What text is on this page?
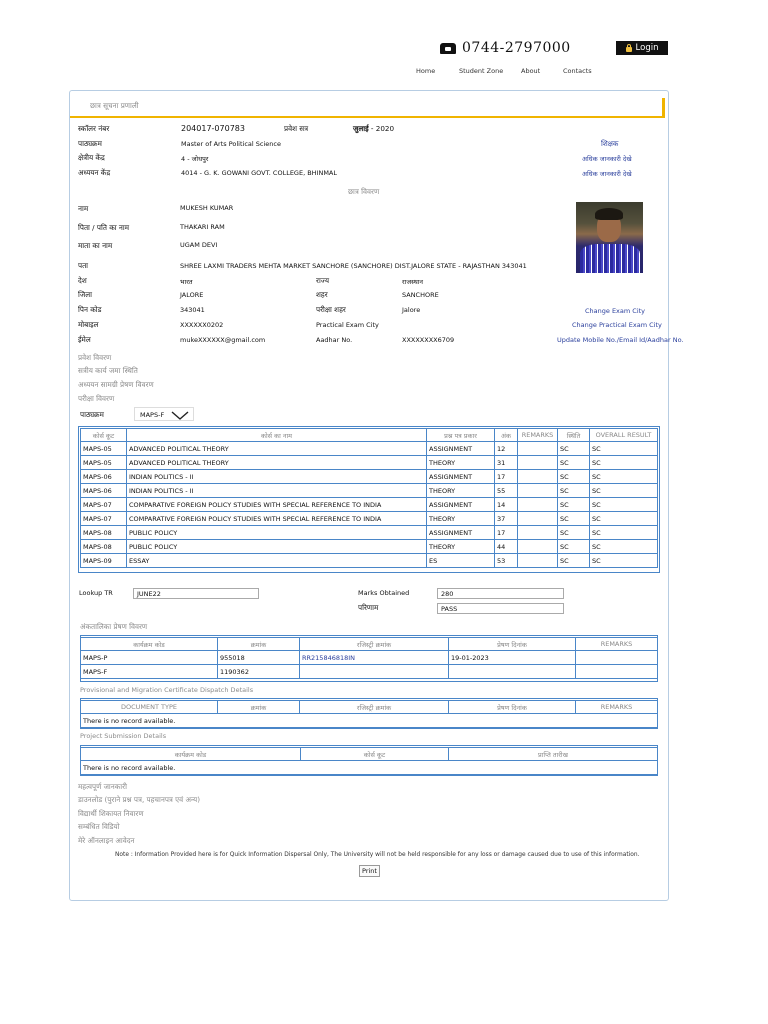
0744-2797000	Login
Home	Student Zone	About	Contacts
छात्र सूचना प्रणाली
स्कॉलर नंबर	204017-070783	प्रवेश सत्र	जुलाई - 2020
पाठ्यक्रम	Master of Arts Political Science	शिक्षक
क्षेत्रीय केंद्र	4 - जोधपुर	अधिक जानकारी देखे
अध्ययन केंद्र	4014 - G. K. GOWANI GOVT. COLLEGE, BHINMAL	अधिक जानकारी देखे
छात्र विवरण
नाम	MUKESH KUMAR
पिता / पति का नाम	THAKARI RAM
माता का नाम	UGAM DEVI
पता	SHREE LAXMI TRADERS MEHTA MARKET SANCHORE (SANCHORE) DIST.JALORE STATE - RAJASTHAN 343041
देश	भारत	राज्य	राजस्थान
जिला	JALORE	शहर	SANCHORE
पिन कोड	343041	परीक्षा शहर	Jalore	Change Exam City
मोबाइल	XXXXXX0202	Practical Exam City	Change Practical Exam City
ईमेल	mukeXXXXXX@gmail.com	Aadhar No.	XXXXXXXX6709	Update Mobile No./Email Id/Aadhar No.
प्रवेश विवरण
सत्रीय कार्य जमा स्थिति
अध्ययन सामग्री प्रेषण विवरण
परीक्षा विवरण
पाठ्यक्रम	MAPS-F
कोर्स कूट	कोर्स का नाम	प्रश्न पत्र प्रकार	अंक	REMARKS	स्थिति	OVERALL RESULT
MAPS-05	ADVANCED POLITICAL THEORY	ASSIGNMENT	12		SC	SC
MAPS-05	ADVANCED POLITICAL THEORY	THEORY	31		SC	SC
MAPS-06	INDIAN POLITICS - II	ASSIGNMENT	17		SC	SC
MAPS-06	INDIAN POLITICS - II	THEORY	55		SC	SC
MAPS-07	COMPARATIVE FOREIGN POLICY STUDIES WITH SPECIAL REFERENCE TO INDIA	ASSIGNMENT	14		SC	SC
MAPS-07	COMPARATIVE FOREIGN POLICY STUDIES WITH SPECIAL REFERENCE TO INDIA	THEORY	37		SC	SC
MAPS-08	PUBLIC POLICY	ASSIGNMENT	17		SC	SC
MAPS-08	PUBLIC POLICY	THEORY	44		SC	SC
MAPS-09	ESSAY	ES	53		SC	SC
Lookup TR	JUNE22	Marks Obtained	280
परिणाम	PASS
अंकतालिका प्रेषण विवरण
कार्यक्रम कोड	क्रमांक	रजिस्ट्री क्रमांक	प्रेषण दिनांक	REMARKS
MAPS-P	955018	RR215846818IN	19-01-2023	
MAPS-F	1190362			
Provisional and Migration Certificate Dispatch Details
DOCUMENT TYPE	क्रमांक	रजिस्ट्री क्रमांक	प्रेषण दिनांक	REMARKS
There is no record available.
Project Submission Details
कार्यक्रम कोड	कोर्स कूट	प्राप्ति तारीख
There is no record available.
महत्वपूर्ण जानकारी
डाउनलोड (पुराने प्रश्न पत्र, पहचानपत्र एवं अन्य)
विद्यार्थी शिकायत निवारण
सम्बंधित विडियो
मेरे ऑनलाइन आवेदन
Note : Information Provided here is for Quick Information Dispersal Only, The University will not be held responsible for any loss or damage caused due to use of this information.
Print
